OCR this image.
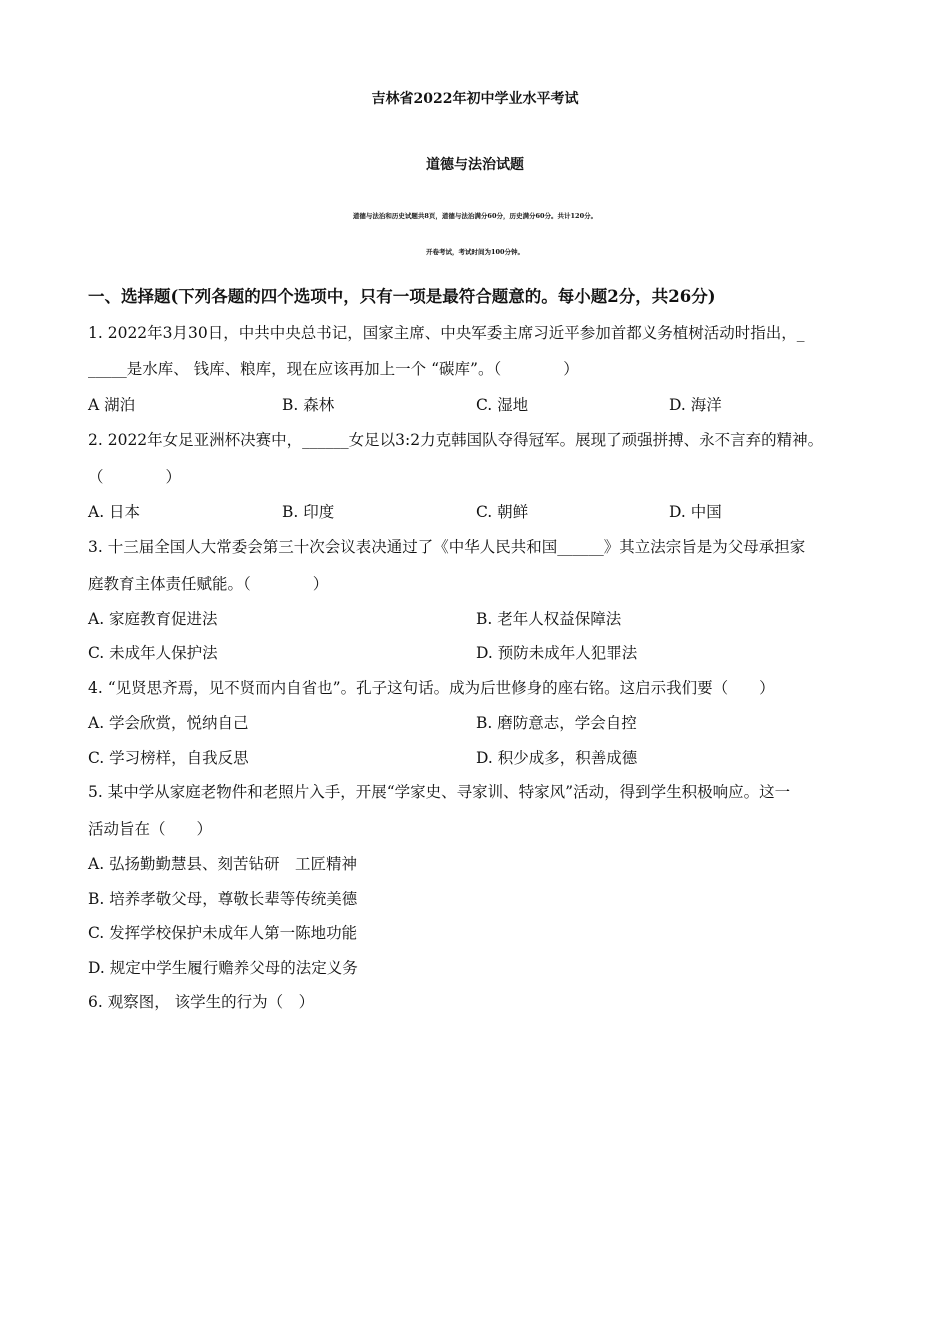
吉林省2022年初中学业水平考试
道德与法治试题
道德与法治和历史试题共8页，道德与法治满分60分，历史满分60分。共计120分。
开卷考试，考试时间为100分钟。
一、选择题(下列各题的四个选项中，只有一项是最符合题意的。每小题2分，共26分)
1. 2022年3月30日，中共中央总书记，国家主席、中央军委主席习近平参加首都义务植树活动时指出，_
_____是水库、 钱库、粮库，现在应该再加上一个 “碳库”。（　　　　）
A 湖泊	B. 森林	C. 湿地	D. 海洋
2. 2022年女足亚洲杯决赛中，______女足以3:2力克韩国队夺得冠军。展现了顽强拼搏、永不言弃的精神。
（　　　　）
A. 日本	B. 印度	C. 朝鲜	D. 中国
3. 十三届全国人大常委会第三十次会议表决通过了《中华人民共和国______》其立法宗旨是为父母承担家
庭教育主体责任赋能。（　　　　）
A. 家庭教育促进法	B. 老年人权益保障法
C. 未成年人保护法	D. 预防未成年人犯罪法
4. “见贤思齐焉，见不贤而内自省也”。孔子这句话。成为后世修身的座右铭。这启示我们要（　　）
A. 学会欣赏，悦纳自己	B. 磨防意志，学会自控
C. 学习榜样，自我反思	D. 积少成多，积善成德
5. 某中学从家庭老物件和老照片入手，开展“学家史、寻家训、特家风”活动，得到学生积极响应。这一
活动旨在（　　）
A. 弘扬勤勤慧县、刻苦钻研　工匠精神
B. 培养孝敬父母，尊敬长辈等传统美德
C. 发挥学校保护未成年人第一陈地功能
D. 规定中学生履行赡养父母的法定义务
6. 观察图， 该学生的行为（　）
